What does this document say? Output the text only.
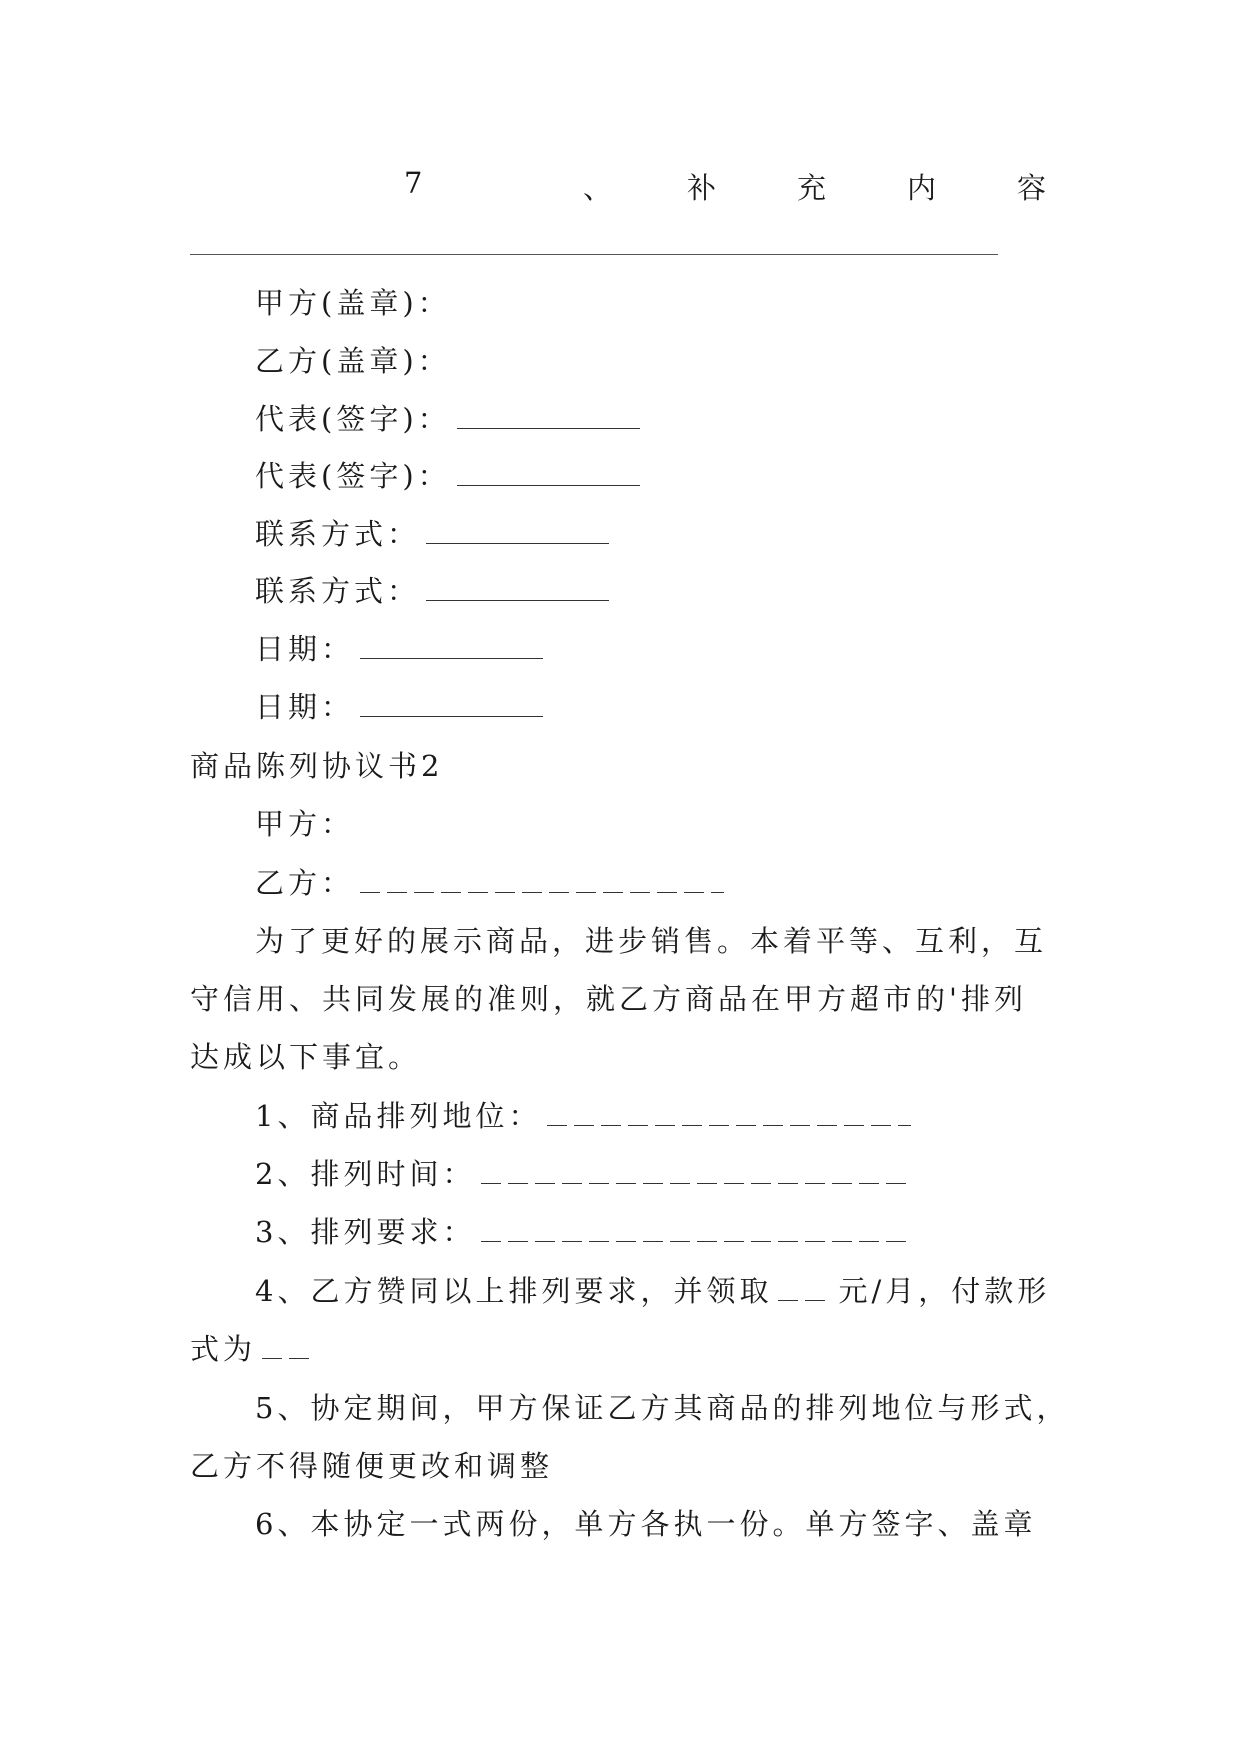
7	、	补	充	内	容
甲方(盖章)：
乙方(盖章)：
代表(签字)：
代表(签字)：
联系方式：
联系方式：
日期：
日期：
商品陈列协议书2
甲方：
乙方：
为了更好的展示商品，进步销售。本着平等、互利，互
守信用、共同发展的准则，就乙方商品在甲方超市的'排列
达成以下事宜。
1、商品排列地位：
2、排列时间：
3、排列要求：
4、乙方赞同以上排列要求，并领取 元/月，付款形
式为
5、协定期间，甲方保证乙方其商品的排列地位与形式，
乙方不得随便更改和调整
6、本协定一式两份，单方各执一份。单方签字、盖章
